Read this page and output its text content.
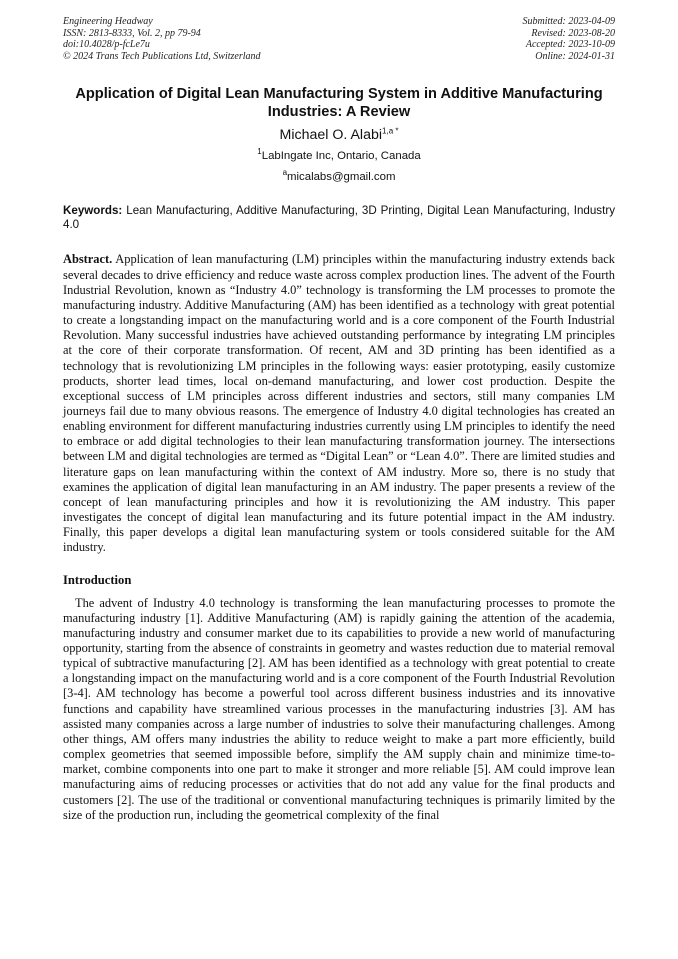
Engineering Headway
ISSN: 2813-8333, Vol. 2, pp 79-94
doi:10.4028/p-fcLe7u
© 2024 Trans Tech Publications Ltd, Switzerland
Submitted: 2023-04-09
Revised: 2023-08-20
Accepted: 2023-10-09
Online: 2024-01-31
Application of Digital Lean Manufacturing System in Additive Manufacturing Industries: A Review
Michael O. Alabi$^{1,a *}$
$^1$LabIngate Inc, Ontario, Canada
$^a$micalabs@gmail.com
Keywords: Lean Manufacturing, Additive Manufacturing, 3D Printing, Digital Lean Manufacturing, Industry 4.0
Abstract. Application of lean manufacturing (LM) principles within the manufacturing industry extends back several decades to drive efficiency and reduce waste across complex production lines. The advent of the Fourth Industrial Revolution, known as “Industry 4.0” technology is transforming the LM processes to promote the manufacturing industry. Additive Manufacturing (AM) has been identified as a technology with great potential to create a longstanding impact on the manufacturing world and is a core component of the Fourth Industrial Revolution. Many successful industries have achieved outstanding performance by integrating LM principles at the core of their corporate transformation. Of recent, AM and 3D printing has been identified as a technology that is revolutionizing LM principles in the following ways: easier prototyping, easily customize products, shorter lead times, local on-demand manufacturing, and lower cost production. Despite the exceptional success of LM principles across different industries and sectors, still many companies LM journeys fail due to many obvious reasons. The emergence of Industry 4.0 digital technologies has created an enabling environment for different manufacturing industries currently using LM principles to identify the need to embrace or add digital technologies to their lean manufacturing transformation journey. The intersections between LM and digital technologies are termed as “Digital Lean” or “Lean 4.0”. There are limited studies and literature gaps on lean manufacturing within the context of AM industry. More so, there is no study that examines the application of digital lean manufacturing in an AM industry. The paper presents a review of the concept of lean manufacturing principles and how it is revolutionizing the AM industry. This paper investigates the concept of digital lean manufacturing and its future potential impact in the AM industry. Finally, this paper develops a digital lean manufacturing system or tools considered suitable for the AM industry.
Introduction
The advent of Industry 4.0 technology is transforming the lean manufacturing processes to promote the manufacturing industry [1]. Additive Manufacturing (AM) is rapidly gaining the attention of the academia, manufacturing industry and consumer market due to its capabilities to provide a new world of manufacturing opportunity, starting from the absence of constraints in geometry and wastes reduction due to material removal typical of subtractive manufacturing [2]. AM has been identified as a technology with great potential to create a longstanding impact on the manufacturing world and is a core component of the Fourth Industrial Revolution [3-4]. AM technology has become a powerful tool across different business industries and its innovative functions and capability have streamlined various processes in the manufacturing industries [3]. AM has assisted many companies across a large number of industries to solve their manufacturing challenges. Among other things, AM offers many industries the ability to reduce weight to make a part more efficiently, build complex geometries that seemed impossible before, simplify the AM supply chain and minimize time-to-market, combine components into one part to make it stronger and more reliable [5]. AM could improve lean manufacturing aims of reducing processes or activities that do not add any value for the final products and customers [2]. The use of the traditional or conventional manufacturing techniques is primarily limited by the size of the production run, including the geometrical complexity of the final
